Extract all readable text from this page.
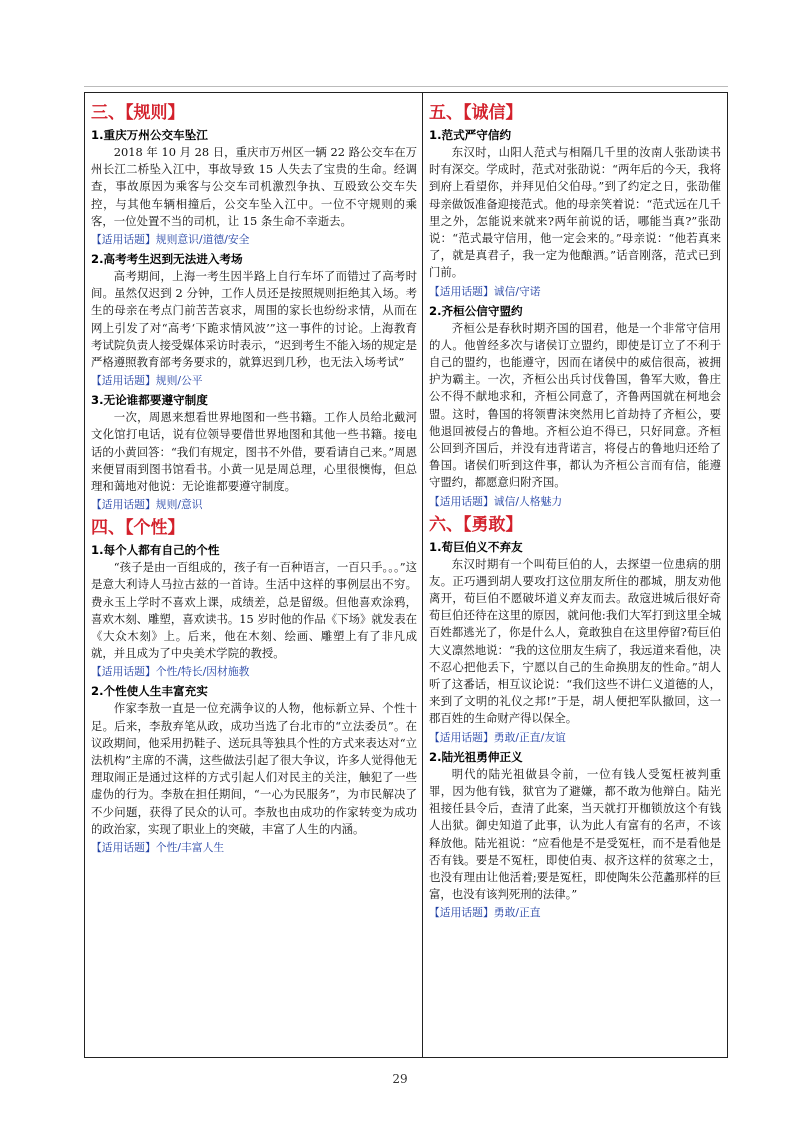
三、【规则】
1.重庆万州公交车坠江

2018 年 10 月 28 日，重庆市万州区一辆 22 路公交车在万州长江二桥坠入江中，事故导致 15 人失去了宝贵的生命。经调查，事故原因为乘客与公交车司机激烈争执、互殴致公交车失控，与其他车辆相撞后，公交车坠入江中。一位不守规则的乘客，一位处置不当的司机，让 15 条生命不幸逝去。

【适用话题】规则意识/道德/安全
2.高考考生迟到无法进入考场

高考期间，上海一考生因半路上自行车坏了而错过了高考时间。虽然仅迟到 2 分钟，工作人员还是按照规则拒绝其入场。考生的母亲在考点门前苦苦哀求，周围的家长也纷纷求情，从而在网上引发了对“高考‘下跪求情风波’”这一事件的讨论。上海教育考试院负责人接受媒体采访时表示，“迟到考生不能入场的规定是严格遵照教育部考务要求的，就算迟到几秒，也无法入场考试”

【适用话题】规则/公平
3.无论谁都要遵守制度

一次，周恩来想看世界地图和一些书籍。工作人员给北戴河文化馆打电话，说有位领导要借世界地图和其他一些书籍。接电话的小黄回答：“我们有规定，图书不外借，要看请自己来。”周恩来便冒雨到图书馆看书。小黄一见是周总理，心里很懊悔，但总理和蔼地对他说：无论谁都要遵守制度。

【适用话题】规则/意识
四、【个性】
1.每个人都有自己的个性

“孩子是由一百组成的，孩子有一百种语言，一百只手。。。”这是意大利诗人马拉古兹的一首诗。生活中这样的事例层出不穷。费永玉上学时不喜欢上课，成绩差，总是留级。但他喜欢涂鸦，喜欢木刻、雕塑，喜欢读书。15 岁时他的作品《下场》就发表在《大众木刻》上。后来，他在木刻、绘画、雕塑上有了非凡成就，并且成为了中央美术学院的教授。

【适用话题】个性/特长/因材施教
2.个性使人生丰富充实

作家李敖一直是一位充满争议的人物，他标新立异、个性十足。后来，李敖弃笔从政，成功当选了台北市的“立法委员”。在议政期间，他采用扔鞋子、送玩具等独具个性的方式来表达对“立法机构”主席的不满，这些做法引起了很大争议，许多人觉得他无理取闹正是通过这样的方式引起人们对民主的关注，触犯了一些虚伪的行为。李敖在担任期间，“一心为民服务”，为市民解决了不少问题，获得了民众的认可。李敖也由成功的作家转变为成功的政治家，实现了职业上的突破，丰富了人生的内涵。

【适用话题】个性/丰富人生
五、【诚信】
1.范式严守信约

东汉时，山阳人范式与相隔几千里的汝南人张劭读书时有深交。学成时，范式对张劭说：“两年后的今天，我将到府上看望你，并拜见伯父伯母。”到了约定之日，张劭催母亲做饭准备迎接范式。他的母亲笑着说：“范式远在几千里之外，怎能说来就来?两年前说的话，哪能当真?”张劭说：“范式最守信用，他一定会来的。”母亲说：“他若真来了，就是真君子，我一定为他酿酒。”话音刚落，范式已到门前。

【适用话题】诚信/守诺
2.齐桓公信守盟约

齐桓公是春秋时期齐国的国君，他是一个非常守信用的人。他曾经多次与诸侯订立盟约，即使是订立了不利于自己的盟约，也能遵守，因而在诸侯中的威信很高，被拥护为霸主。一次，齐桓公出兵讨伐鲁国，鲁军大败，鲁庄公不得不献地求和，齐桓公同意了，齐鲁两国就在柯地会盟。这时，鲁国的将领曹沫突然用匕首劫持了齐桓公，要他退回被侵占的鲁地。齐桓公迫不得已，只好同意。齐桓公回到齐国后，并没有违背诺言，将侵占的鲁地归还给了鲁国。诸侯们听到这件事，都认为齐桓公言而有信，能遵守盟约，都愿意归附齐国。

【适用话题】诚信/人格魅力
六、【勇敢】
1.荀巨伯义不弃友

东汉时期有一个叫荀巨伯的人，去探望一位患病的朋友。正巧遇到胡人要攻打这位朋友所住的郡城，朋友劝他离开，荀巨伯不愿破坏道义弃友而去。敌寇进城后很好奇荀巨伯还待在这里的原因，就问他:我们大军打到这里全城百姓都逃光了，你是什么人，竟敢独自在这里停留?荀巨伯大义凛然地说：“我的这位朋友生病了，我远道来看他，决不忍心把他丢下，宁愿以自己的生命换朋友的性命。”胡人听了这番话，相互议论说：“我们这些不讲仁义道德的人，来到了文明的礼仪之邦!”于是，胡人便把军队撤回，这一郡百姓的生命财产得以保全。

【适用话题】勇敢/正直/友谊
2.陆光祖勇伸正义

明代的陆光祖做县令前，一位有钱人受冤枉被判重罪，因为他有钱，狱官为了避嫌，都不敢为他辩白。陆光祖接任县令后，查清了此案，当天就打开枷锁放这个有钱人出狱。御史知道了此事，认为此人有富有的名声，不该释放他。陆光祖说：“应看他是不是受冤枉，而不是看他是否有钱。要是不冤枉，即使伯夷、叔齐这样的贫寒之士，也没有理由让他活着;要是冤枉，即使陶朱公范蠡那样的巨富，也没有该判死刑的法律。”

【适用话题】勇敢/正直
29
